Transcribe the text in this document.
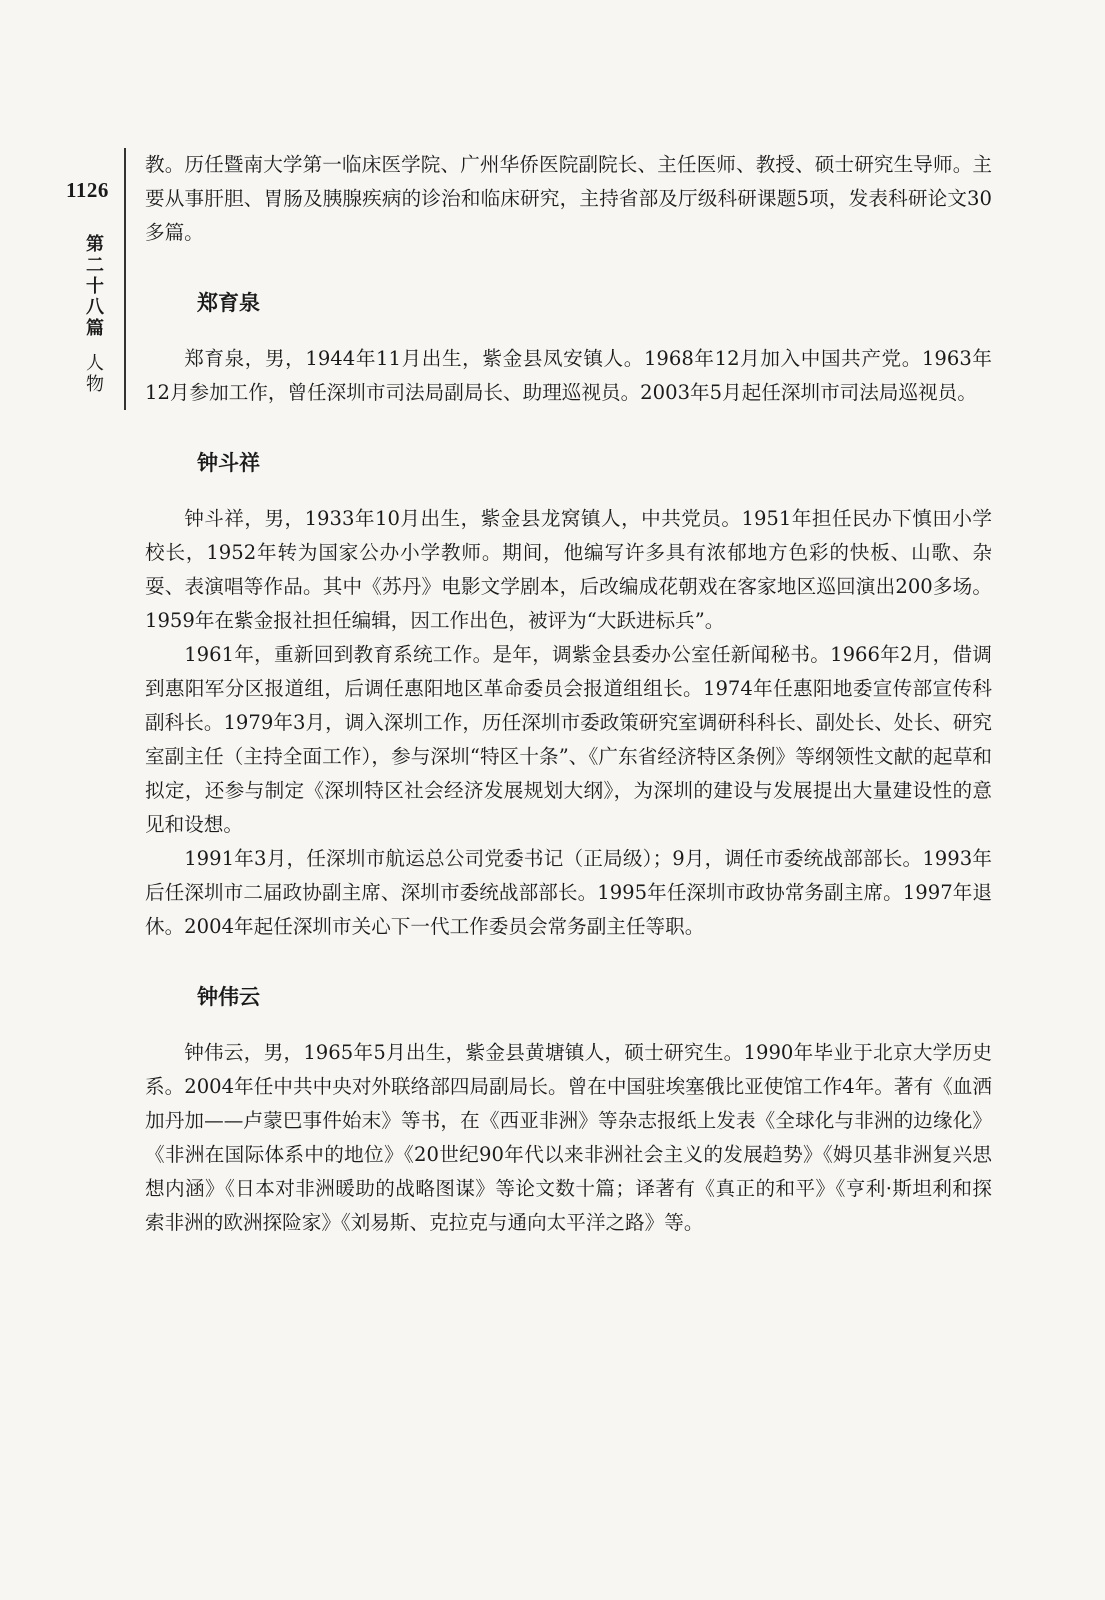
1126
第二十八篇
人物

教。历任暨南大学第一临床医学院、广州华侨医院副院长、主任医师、教授、硕士研究生导师。主要从事肝胆、胃肠及胰腺疾病的诊治和临床研究，主持省部及厅级科研课题5项，发表科研论文30多篇。

郑育泉

郑育泉，男，1944年11月出生，紫金县凤安镇人。1968年12月加入中国共产党。1963年12月参加工作，曾任深圳市司法局副局长、助理巡视员。2003年5月起任深圳市司法局巡视员。

钟斗祥

钟斗祥，男，1933年10月出生，紫金县龙窝镇人，中共党员。1951年担任民办下慎田小学校长，1952年转为国家公办小学教师。期间，他编写许多具有浓郁地方色彩的快板、山歌、杂耍、表演唱等作品。其中《苏丹》电影文学剧本，后改编成花朝戏在客家地区巡回演出200多场。1959年在紫金报社担任编辑，因工作出色，被评为“大跃进标兵”。

1961年，重新回到教育系统工作。是年，调紫金县委办公室任新闻秘书。1966年2月，借调到惠阳军分区报道组，后调任惠阳地区革命委员会报道组组长。1974年任惠阳地委宣传部宣传科副科长。1979年3月，调入深圳工作，历任深圳市委政策研究室调研科科长、副处长、处长、研究室副主任（主持全面工作），参与深圳“特区十条”、《广东省经济特区条例》等纲领性文献的起草和拟定，还参与制定《深圳特区社会经济发展规划大纲》，为深圳的建设与发展提出大量建设性的意见和设想。

1991年3月，任深圳市航运总公司党委书记（正局级）；9月，调任市委统战部部长。1993年后任深圳市二届政协副主席、深圳市委统战部部长。1995年任深圳市政协常务副主席。1997年退休。2004年起任深圳市关心下一代工作委员会常务副主任等职。

钟伟云

钟伟云，男，1965年5月出生，紫金县黄塘镇人，硕士研究生。1990年毕业于北京大学历史系。2004年任中共中央对外联络部四局副局长。曾在中国驻埃塞俄比亚使馆工作4年。著有《血洒加丹加——卢蒙巴事件始末》等书，在《西亚非洲》等杂志报纸上发表《全球化与非洲的边缘化》《非洲在国际体系中的地位》《20世纪90年代以来非洲社会主义的发展趋势》《姆贝基非洲复兴思想内涵》《日本对非洲暖助的战略图谋》等论文数十篇；译著有《真正的和平》《亨利·斯坦利和探索非洲的欧洲探险家》《刘易斯、克拉克与通向太平洋之路》等。
